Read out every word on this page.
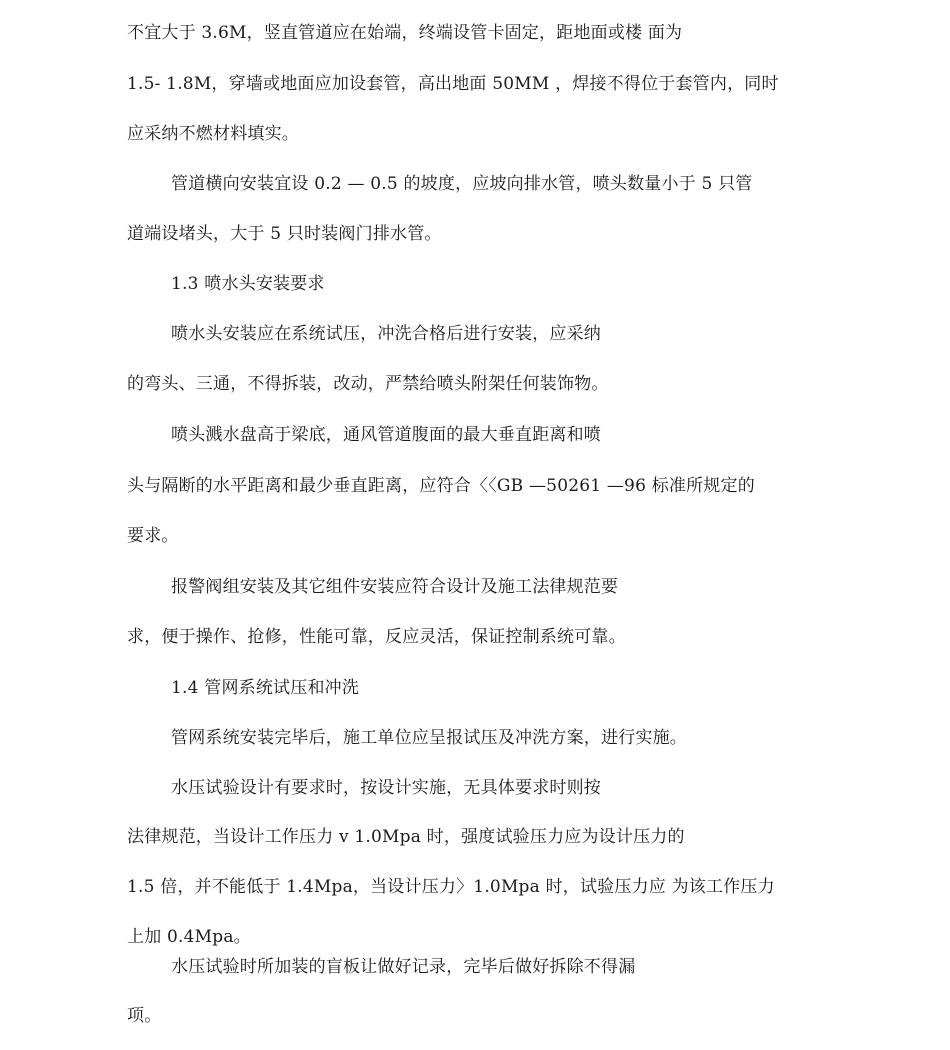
不宜大于 3.6M，竖直管道应在始端，终端设管卡固定，距地面或楼 面为
1.5- 1.8M，穿墙或地面应加设套管，高出地面 50MM ，焊接不得位于套管内，同时
应采纳不燃材料填实。
管道横向安装宜设 0.2 — 0.5 的坡度，应坡向排水管，喷头数量小于 5 只管
道端设堵头，大于 5 只时装阀门排水管。
1.3 喷水头安装要求
喷水头安装应在系统试压，冲洗合格后进行安装，应采纳
的弯头、三通，不得拆装，改动，严禁给喷头附架任何装饰物。
喷头溅水盘高于梁底，通风管道腹面的最大垂直距离和喷
头与隔断的水平距离和最少垂直距离，应符合〈〈GB —50261 —96 标准所规定的
要求。
报警阀组安装及其它组件安装应符合设计及施工法律规范要
求，便于操作、抢修，性能可靠，反应灵活，保证控制系统可靠。
1.4 管网系统试压和冲洗
管网系统安装完毕后，施工单位应呈报试压及冲洗方案，进行实施。
水压试验设计有要求时，按设计实施，无具体要求时则按
法律规范，当设计工作压力 v 1.0Mpa 时，强度试验压力应为设计压力的
1.5 倍，并不能低于 1.4Mpa，当设计压力〉1.0Mpa 时，试验压力应 为该工作压力
上加 0.4Mpa。
水压试验时所加装的盲板让做好记录，完毕后做好拆除不得漏
项。
